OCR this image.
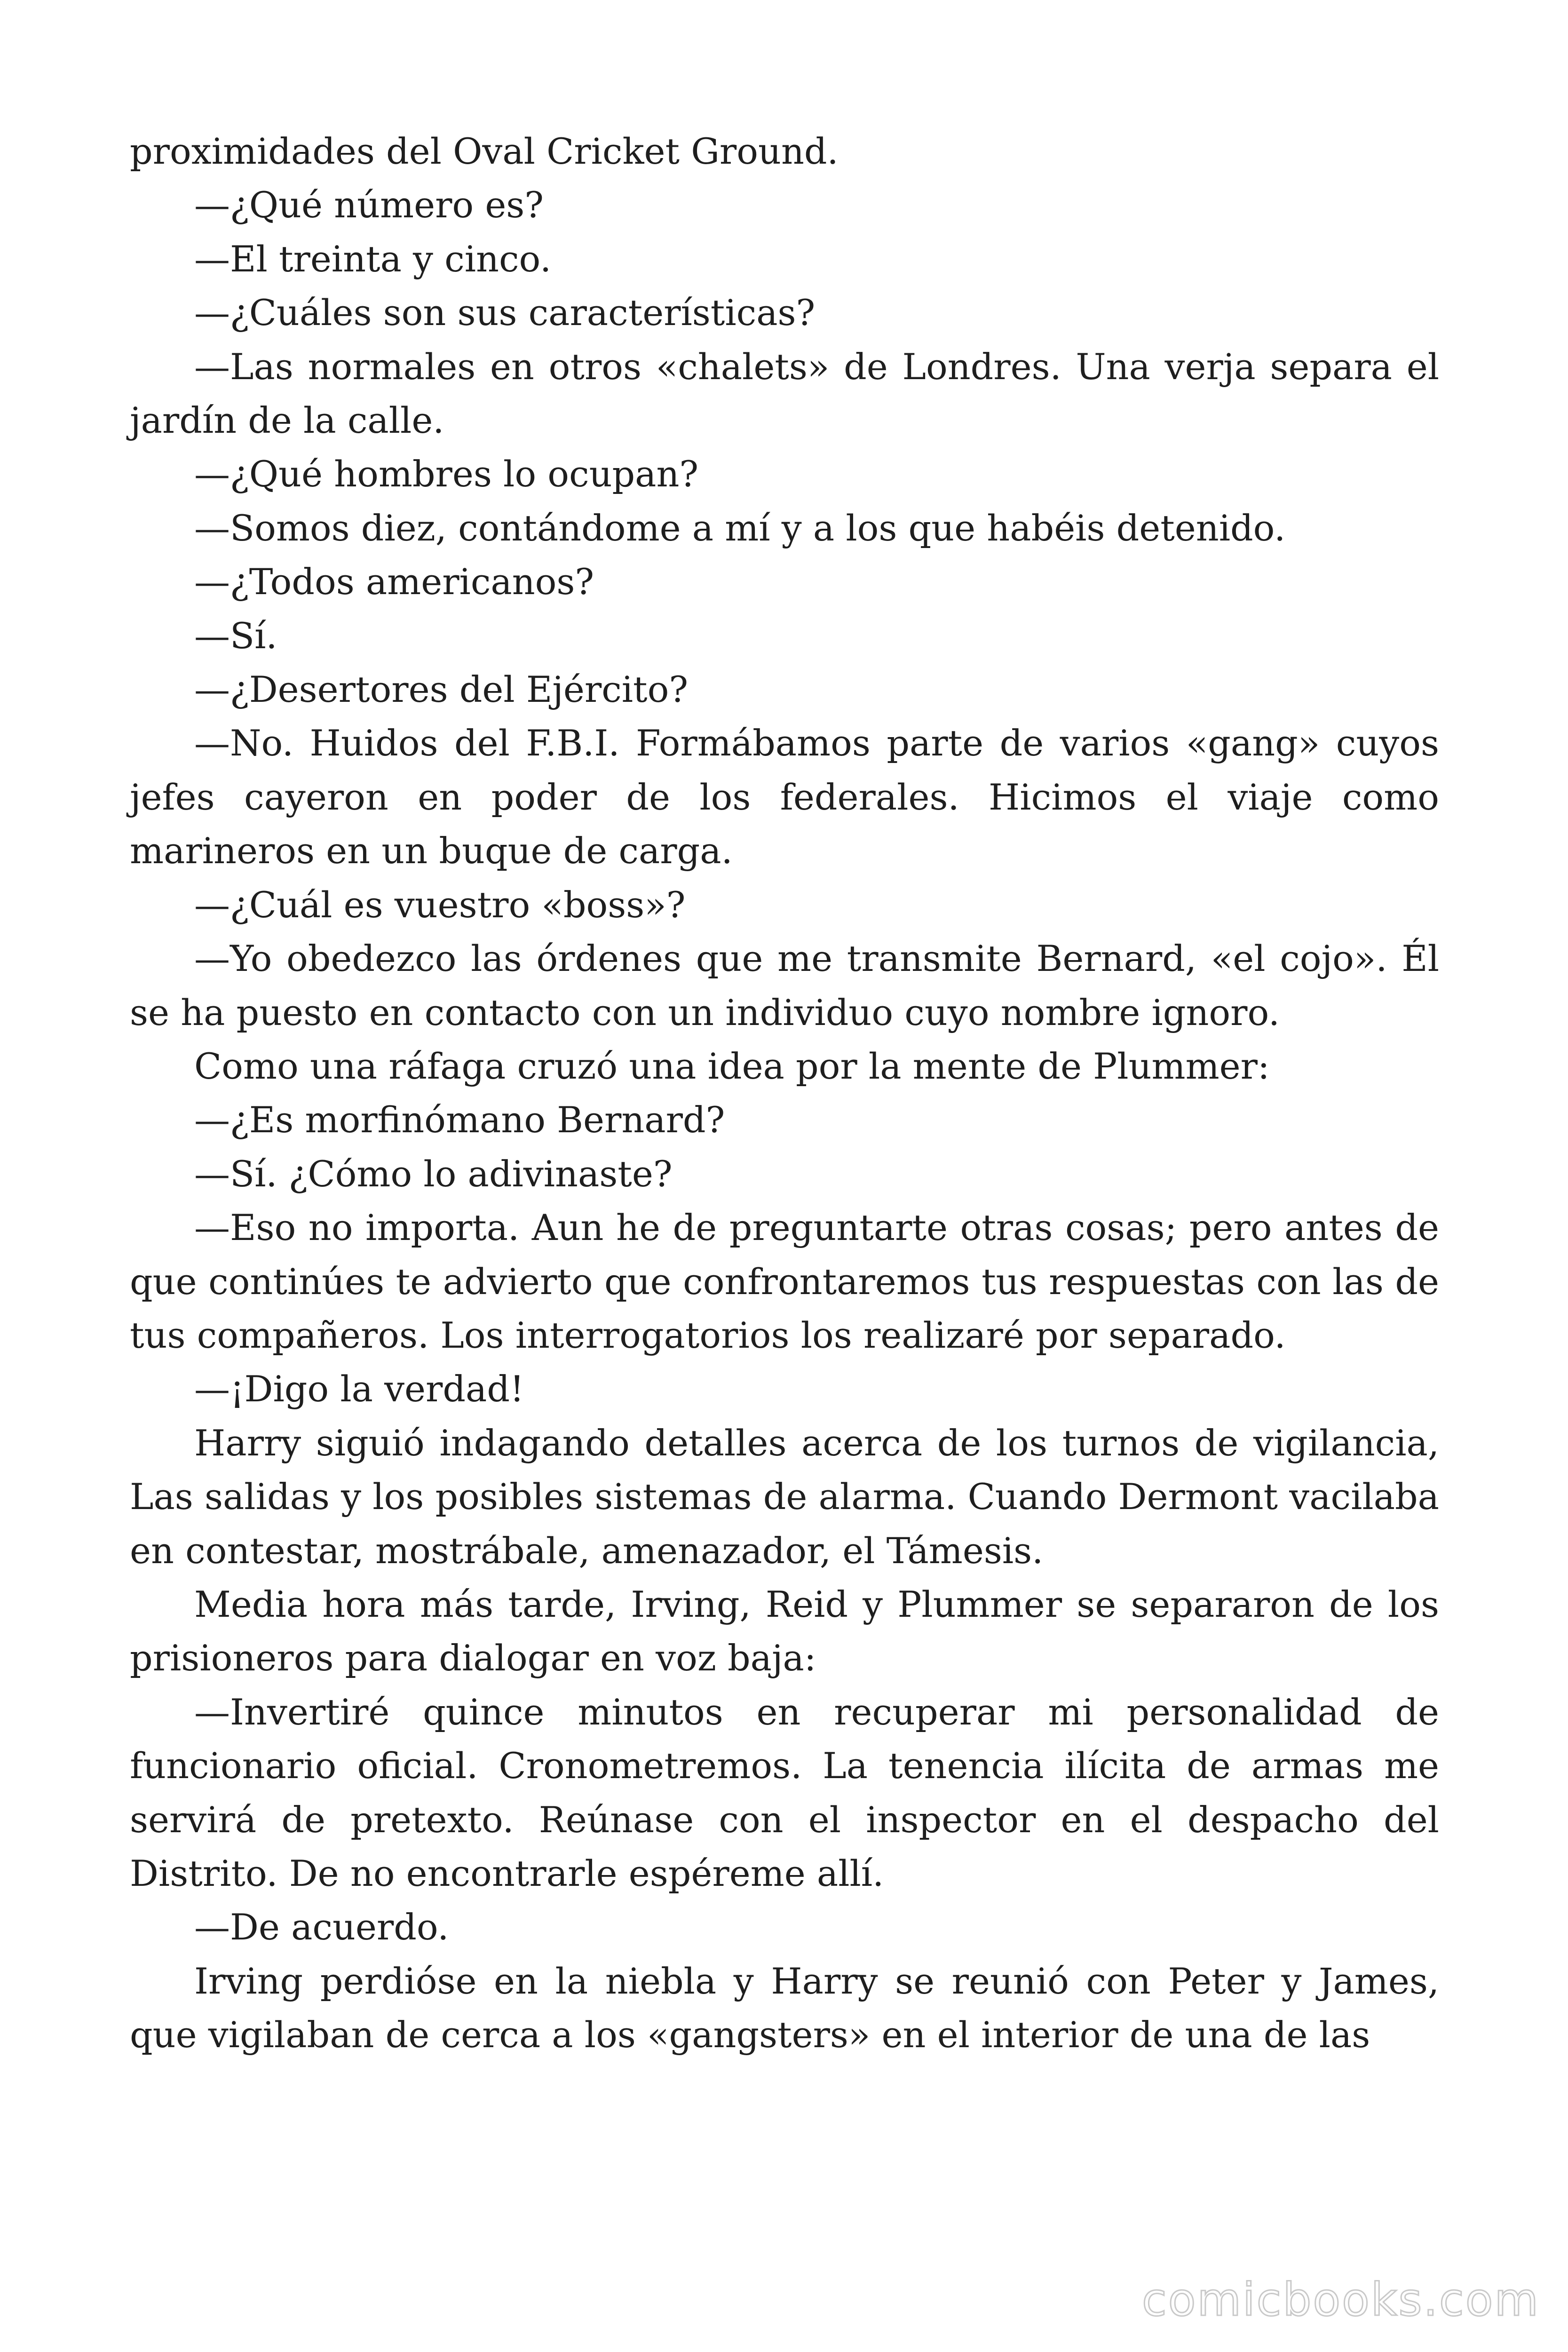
proximidades del Oval Cricket Ground.

—¿Qué número es?

—El treinta y cinco.

—¿Cuáles son sus características?

—Las normales en otros «chalets» de Londres. Una verja separa el jardín de la calle.

—¿Qué hombres lo ocupan?

—Somos diez, contándome a mí y a los que habéis detenido.

—¿Todos americanos?

—Sí.

—¿Desertores del Ejército?

—No. Huidos del F.B.I. Formábamos parte de varios «gang» cuyos jefes cayeron en poder de los federales. Hicimos el viaje como marineros en un buque de carga.

—¿Cuál es vuestro «boss»?

—Yo obedezco las órdenes que me transmite Bernard, «el cojo». Él se ha puesto en contacto con un individuo cuyo nombre ignoro.

Como una ráfaga cruzó una idea por la mente de Plummer:

—¿Es morfinómano Bernard?

—Sí. ¿Cómo lo adivinaste?

—Eso no importa. Aun he de preguntarte otras cosas; pero antes de que continúes te advierto que confrontaremos tus respuestas con las de tus compañeros. Los interrogatorios los realizaré por separado.

—¡Digo la verdad!

Harry siguió indagando detalles acerca de los turnos de vigilancia, Las salidas y los posibles sistemas de alarma. Cuando Dermont vacilaba en contestar, mostrábale, amenazador, el Támesis.

Media hora más tarde, Irving, Reid y Plummer se separaron de los prisioneros para dialogar en voz baja:

—Invertiré quince minutos en recuperar mi personalidad de funcionario oficial. Cronometremos. La tenencia ilícita de armas me servirá de pretexto. Reúnase con el inspector en el despacho del Distrito. De no encontrarle espéreme allí.

—De acuerdo.

Irving perdióse en la niebla y Harry se reunió con Peter y James, que vigilaban de cerca a los «gangsters» en el interior de una de las

comicbooks.com
